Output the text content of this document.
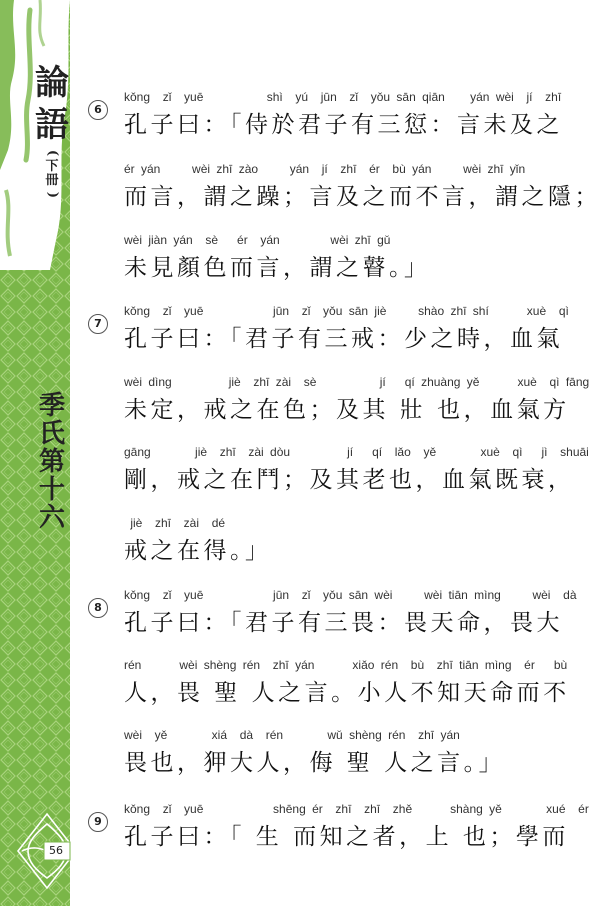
論
語
(
下
冊
)
季
氏
第
十
六
56
6
kǒng  zǐ  yuē          shì  yú  jūn  zǐ  yǒu sān qiān    yán wèi  jí  zhī
孔子曰：「侍於君子有三愆：言未及之
ér yán     wèi zhī zào     yán  jí  zhī  ér  bù yán     wèi zhī yǐn
而言，謂之躁；言及之而不言，謂之隱；
wèi jiàn yán  sè   ér  yán        wèi zhī gǔ
未見顏色而言，謂之瞽。」
7
kǒng  zǐ  yuē           jūn  zǐ  yǒu sān jiè     shào zhī shí      xuè  qì
孔子曰：「君子有三戒：少之時，血氣
wèi dìng         jiè  zhī zài  sè          jí   qí zhuàng yě      xuè  qì fāng
未定，戒之在色；及其 壯 也，血氣方
gāng       jiè  zhī  zài dòu         jí   qí  lǎo  yě       xuè  qì   jì  shuāi
剛，戒之在鬥；及其老也，血氣既衰，
jiè  zhī  zài  dé
戒之在得。」
8
kǒng  zǐ  yuē           jūn  zǐ  yǒu sān wèi     wèi tiān mìng     wèi  dà
孔子曰：「君子有三畏：畏天命，畏大
rén      wèi shèng rén  zhī yán      xiǎo rén  bù  zhī tiān mìng  ér   bù
人，畏 聖 人之言。小人不知天命而不
wèi  yě       xiá  dà  rén       wǔ shèng rén  zhī yán
畏也，狎大人，侮 聖 人之言。」
9
kǒng  zǐ  yuē           shēng ér  zhī  zhī  zhě      shàng yě       xué  ér
孔子曰：「 生 而知之者，上 也；學而
